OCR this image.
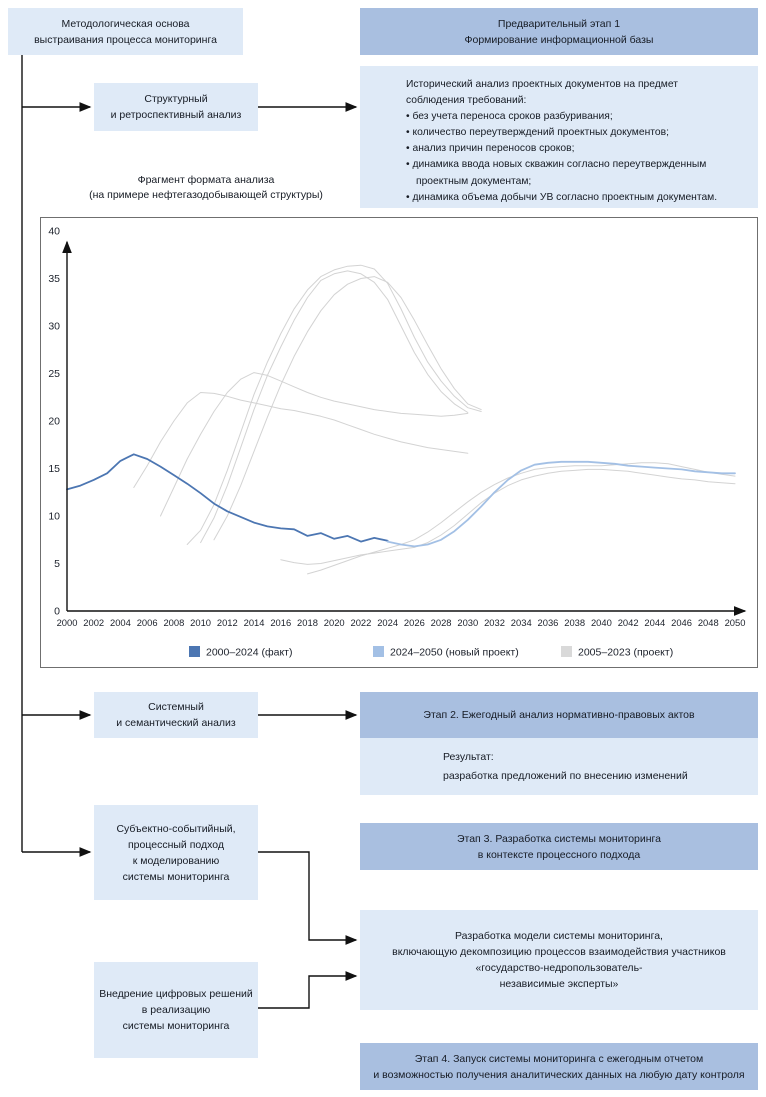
Методологическая основа
выстраивания процесса мониторинга
Предварительный этап 1
Формирование информационной базы
Структурный
и ретроспективный анализ
Исторический анализ проектных документов на предмет
соблюдения требований:
• без учета переноса сроков разбуривания;
• количество переутверждений проектных документов;
• анализ причин переносов сроков;
• динамика ввода новых скважин согласно переутвержденным проектным документам;
• динамика объема добычи УВ согласно проектным документам.
Фрагмент формата анализа
(на примере нефтегазодобывающей структуры)
0
5
10
15
20
25
30
35
40
2000 2002 2004 2006 2008 2010 2012 2014 2016 2018 2020 2022 2024 2026 2028 2030 2032 2034 2036 2038 2040 2042 2044 2046 2048 2050
2000–2024 (факт)	2024–2050 (новый проект)	2005–2023 (проект)
Системный
и семантический анализ
Этап 2. Ежегодный анализ нормативно-правовых актов
Результат:
разработка предложений по внесению изменений
Субъектно-событийный,
процессный подход
к моделированию
системы мониторинга
Этап 3. Разработка системы мониторинга
в контексте процессного подхода
Разработка модели системы мониторинга,
включающую декомпозицию процессов взаимодействия участников
«государство-недропользователь-
независимые эксперты»
Внедрение цифровых решений
в реализацию
системы мониторинга
Этап 4. Запуск системы мониторинга с ежегодным отчетом
и возможностью получения аналитических данных на любую дату контроля
